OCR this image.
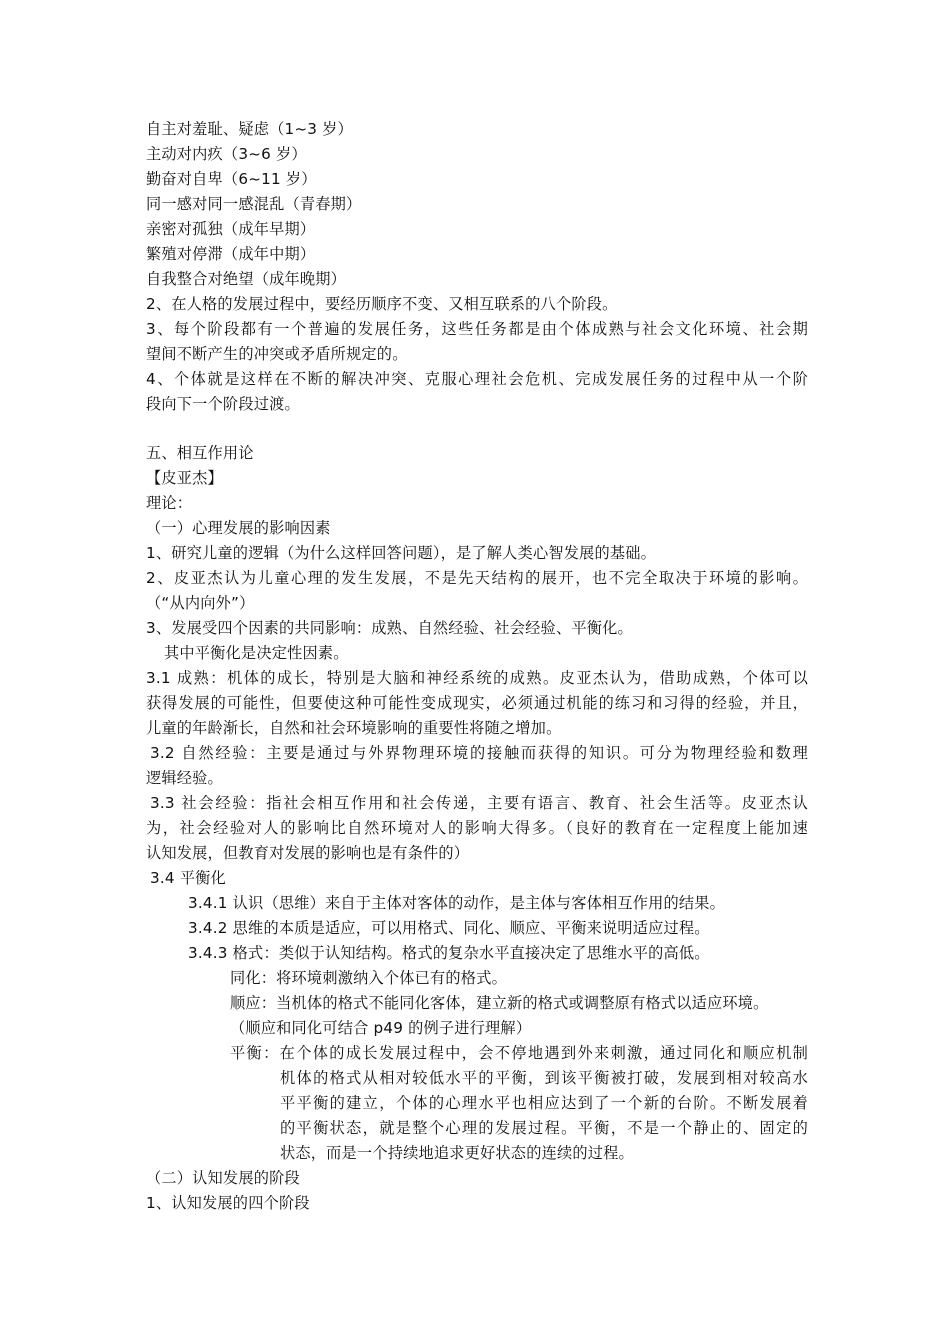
自主对羞耻、疑虑（1~3 岁）
主动对内疚（3~6 岁）
勤奋对自卑（6~11 岁）
同一感对同一感混乱（青春期）
亲密对孤独（成年早期）
繁殖对停滞（成年中期）
自我整合对绝望（成年晚期）
2、在人格的发展过程中，要经历顺序不变、又相互联系的八个阶段。
3、每个阶段都有一个普遍的发展任务，这些任务都是由个体成熟与社会文化环境、社会期
望间不断产生的冲突或矛盾所规定的。
4、个体就是这样在不断的解决冲突、克服心理社会危机、完成发展任务的过程中从一个阶
段向下一个阶段过渡。
五、相互作用论
【皮亚杰】
理论：
（一）心理发展的影响因素
1、研究儿童的逻辑（为什么这样回答问题），是了解人类心智发展的基础。
2、皮亚杰认为儿童心理的发生发展，不是先天结构的展开，也不完全取决于环境的影响。
（“从内向外”）
3、发展受四个因素的共同影响：成熟、自然经验、社会经验、平衡化。
其中平衡化是决定性因素。
3.1 成熟：机体的成长，特别是大脑和神经系统的成熟。皮亚杰认为，借助成熟，个体可以
获得发展的可能性，但要使这种可能性变成现实，必须通过机能的练习和习得的经验，并且，
儿童的年龄渐长，自然和社会环境影响的重要性将随之增加。
3.2 自然经验：主要是通过与外界物理环境的接触而获得的知识。可分为物理经验和数理
逻辑经验。
3.3 社会经验：指社会相互作用和社会传递，主要有语言、教育、社会生活等。皮亚杰认
为，社会经验对人的影响比自然环境对人的影响大得多。（良好的教育在一定程度上能加速
认知发展，但教育对发展的影响也是有条件的）
3.4 平衡化
3.4.1 认识（思维）来自于主体对客体的动作，是主体与客体相互作用的结果。
3.4.2 思维的本质是适应，可以用格式、同化、顺应、平衡来说明适应过程。
3.4.3 格式：类似于认知结构。格式的复杂水平直接决定了思维水平的高低。
同化：将环境刺激纳入个体已有的格式。
顺应：当机体的格式不能同化客体，建立新的格式或调整原有格式以适应环境。
（顺应和同化可结合 p49 的例子进行理解）
平衡：在个体的成长发展过程中，会不停地遇到外来刺激，通过同化和顺应机制
机体的格式从相对较低水平的平衡，到该平衡被打破，发展到相对较高水
平平衡的建立，个体的心理水平也相应达到了一个新的台阶。不断发展着
的平衡状态，就是整个心理的发展过程。平衡，不是一个静止的、固定的
状态，而是一个持续地追求更好状态的连续的过程。
（二）认知发展的阶段
1、认知发展的四个阶段
